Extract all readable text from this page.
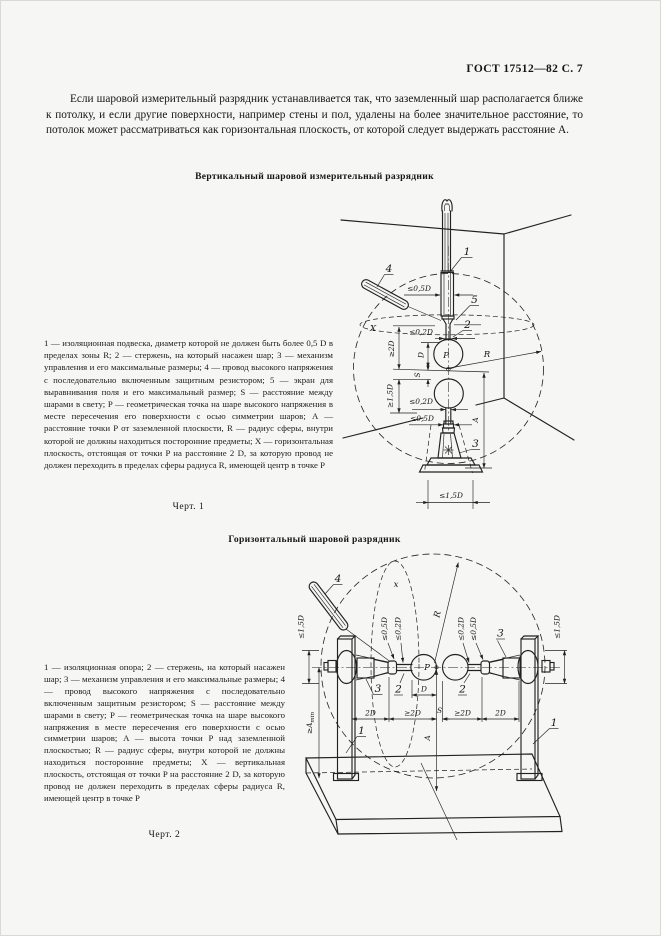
ГОСТ 17512—82 С. 7
Если шаровой измерительный разрядник устанавливается так, что заземленный шар располагается ближе к потолку, и если другие поверхности, например стены и пол, удалены на более значительное расстояние, то потолок может рассматриваться как горизонтальная плоскость, от которой следует выдержать расстояние A.
Вертикальный шаровой измерительный разрядник
≤0,5D
X	≤0,2D
≥2D	D
S
≥1,5D ≤0,2D
≤0,5D	A
≤1,5D
R
P
1
4
5
2
3
1 — изоляционная подвеска, диаметр которой не должен быть более 0,5 D в пределах зоны R; 2 — стержень, на который насажен шар; 3 — механизм управления и его максимальные размеры; 4 — провод высокого напряжения с последовательно включенным защитным резистором; 5 — экран для выравнивания поля и его максимальный размер; S — расстояние между шарами в свету; P — геометрическая точка на шаре высокого напряжения в месте пересечения его поверхности с осью симметрии шаров; A — расстояние точки P от заземленной плоскости, R — радиус сферы, внутри которой не должны находиться посторонние предметы; X — горизонтальная плоскость, отстоящая от точки P на расстояние 2 D, за которую провод не должен переходить в пределах сферы радиуса R, имеющей центр в точке P
Черт. 1
Горизонтальный шаровой разрядник
R
x
P
≤1,5D	≤1,5D
≤0,5D ≤0,2D	≤0,2D ≤0,5D
D
A
$\ge A_{min}$	2D	≥2D S ≥2D	2D
4
3 2	2
3
1
1
1 — изоляционная опора; 2 — стержень, на который насажен шар; 3 — механизм управления и его максимальные размеры; 4 — провод высокого напряжения с последовательно включенным защитным резистором; S — расстояние между шарами в свету; P — геометрическая точка на шаре высокого напряжения в месте пересечения его поверхности с осью симметрии шаров; A — высота точки P над заземленной плоскостью; R — радиус сферы, внутри которой не должны находиться посторонние предметы; X — вертикальная плоскость, отстоящая от точки P на расстояние 2 D, за которую провод не должен переходить в пределах сферы радиуса R, имеющей центр в точке P
Черт. 2
